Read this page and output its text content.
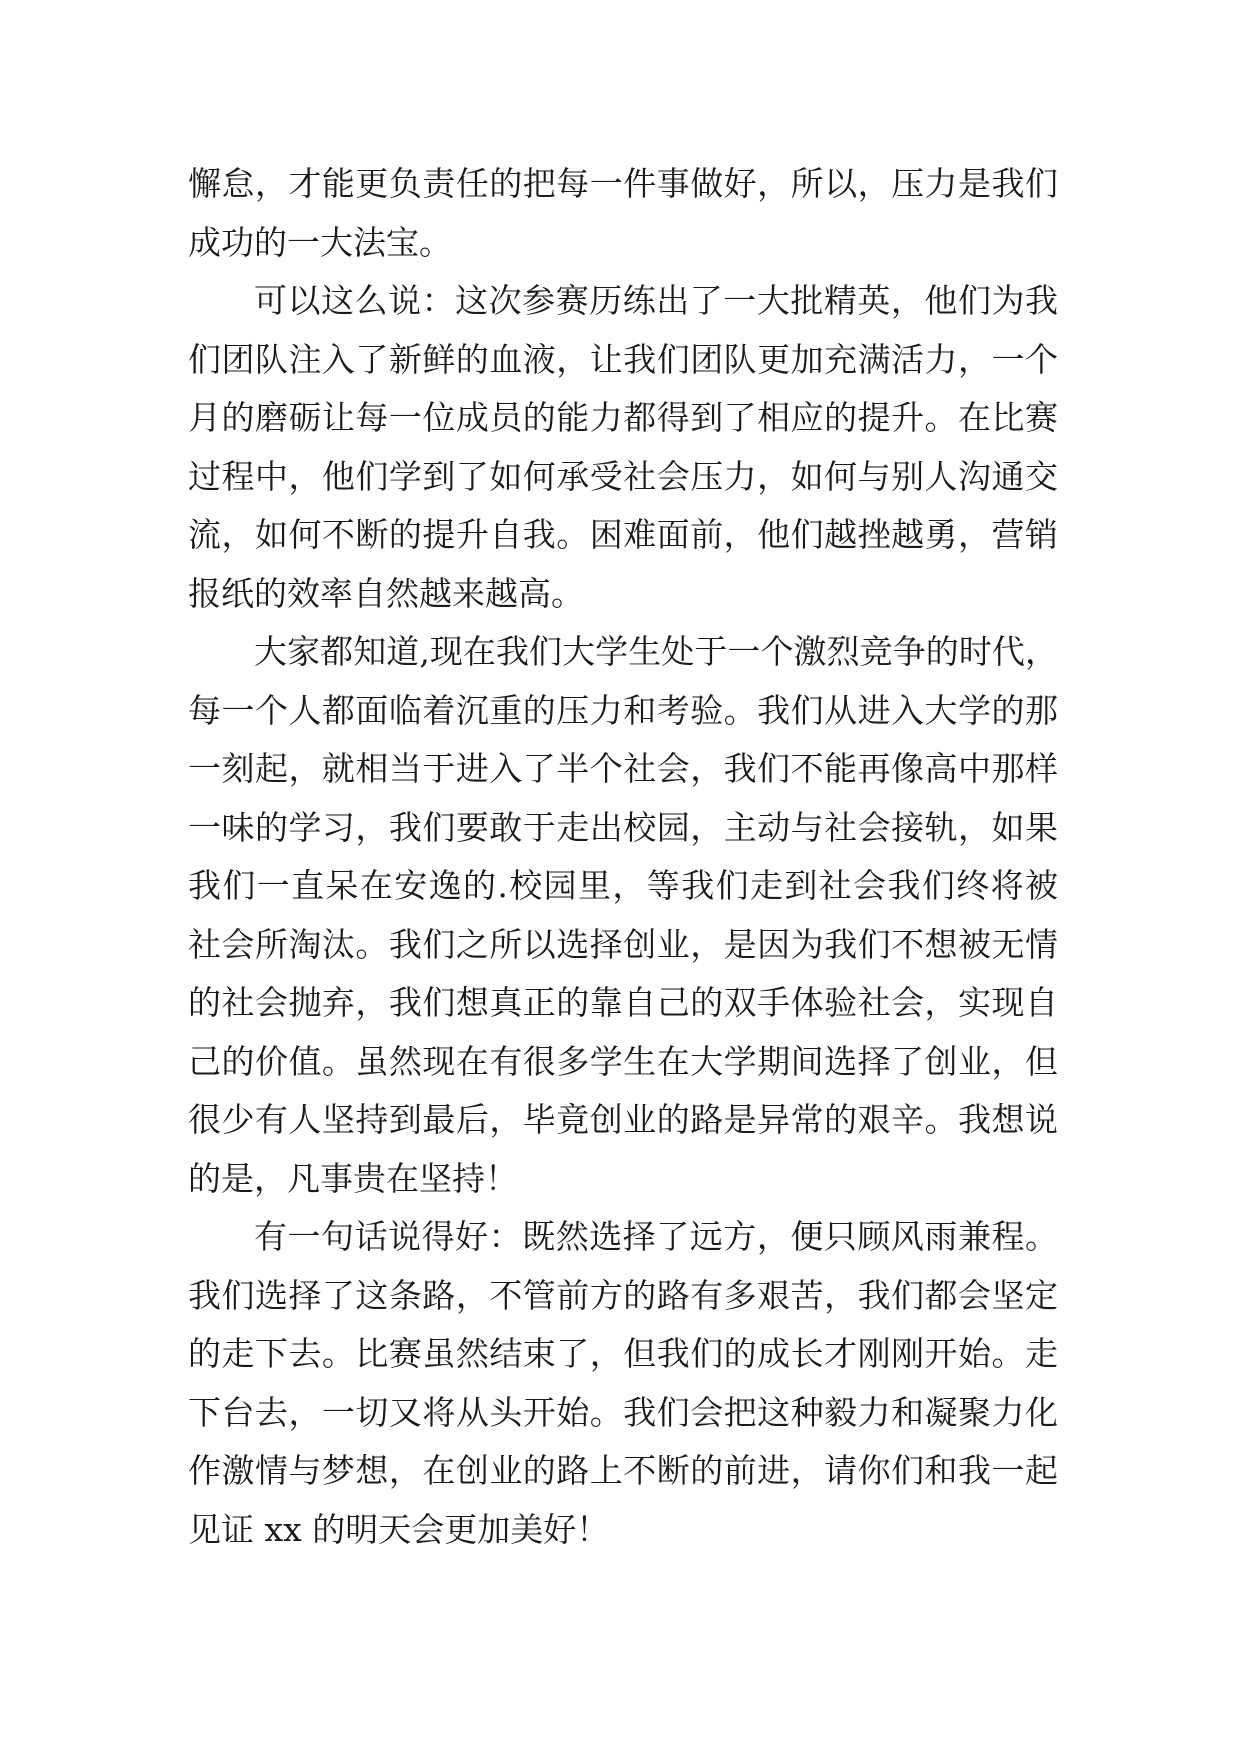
懈怠，才能更负责任的把每一件事做好，所以，压力是我们
成功的一大法宝。
可以这么说：这次参赛历练出了一大批精英，他们为我
们团队注入了新鲜的血液，让我们团队更加充满活力，一个
月的磨砺让每一位成员的能力都得到了相应的提升。在比赛
过程中，他们学到了如何承受社会压力，如何与别人沟通交
流，如何不断的提升自我。困难面前，他们越挫越勇，营销
报纸的效率自然越来越高。
大家都知道,现在我们大学生处于一个激烈竞争的时代，
每一个人都面临着沉重的压力和考验。我们从进入大学的那
一刻起，就相当于进入了半个社会，我们不能再像高中那样
一味的学习，我们要敢于走出校园，主动与社会接轨，如果
我们一直呆在安逸的.校园里，等我们走到社会我们终将被
社会所淘汰。我们之所以选择创业，是因为我们不想被无情
的社会抛弃，我们想真正的靠自己的双手体验社会，实现自
己的价值。虽然现在有很多学生在大学期间选择了创业，但
很少有人坚持到最后，毕竟创业的路是异常的艰辛。我想说
的是，凡事贵在坚持！
有一句话说得好：既然选择了远方，便只顾风雨兼程。
我们选择了这条路，不管前方的路有多艰苦，我们都会坚定
的走下去。比赛虽然结束了，但我们的成长才刚刚开始。走
下台去，一切又将从头开始。我们会把这种毅力和凝聚力化
作激情与梦想，在创业的路上不断的前进，请你们和我一起
见证 xx 的明天会更加美好！
